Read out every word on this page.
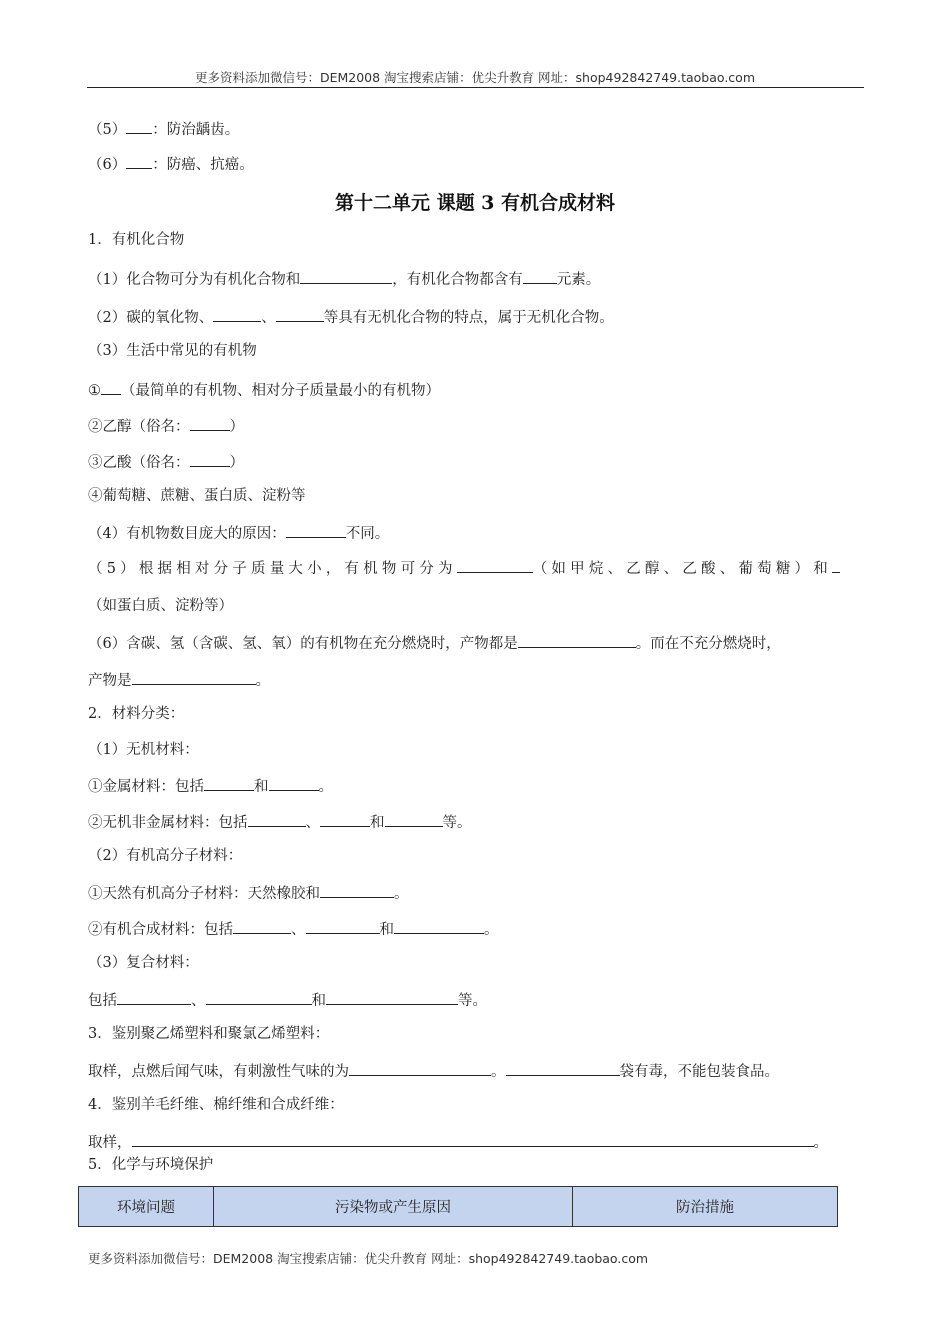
更多资料添加微信号：DEM2008 淘宝搜索店铺：优尖升教育 网址：shop492842749.taobao.com
（5） ：防治龋齿。
（6） ：防癌、抗癌。
第十二单元 课题 3 有机合成材料
1．有机化合物
（1）化合物可分为有机化合物和	，有机化合物都含有 元素。
（2）碳的氧化物、	、	等具有无机化合物的特点，属于无机化合物。
（3）生活中常见的有机物
① （最简单的有机物、相对分子质量最小的有机物）
②乙醇（俗名：	）
③乙酸（俗名：	）
④葡萄糖、蔗糖、蛋白质、淀粉等
（4）有机物数目庞大的原因：	不同。
（5）根据相对分子质量大小，有机物可分为	（如甲烷、乙醇、乙酸、葡萄糖）和
（如蛋白质、淀粉等）
（6）含碳、氢（含碳、氢、氧）的有机物在充分燃烧时，产物都是	。而在不充分燃烧时，
产物是	。
2．材料分类：
（1）无机材料：
①金属材料：包括	和	。
②无机非金属材料：包括	、	和	等。
（2）有机高分子材料：
①天然有机高分子材料：天然橡胶和	。
②有机合成材料：包括	、	和	。
（3）复合材料：
包括	、	和	等。
3．鉴别聚乙烯塑料和聚氯乙烯塑料：
取样，点燃后闻气味，有刺激性气味的为	。	袋有毒，不能包装食品。
4．鉴别羊毛纤维、棉纤维和合成纤维：
取样，	。
5．化学与环境保护
环境问题	污染物或产生原因	防治措施
更多资料添加微信号：DEM2008 淘宝搜索店铺：优尖升教育 网址：shop492842749.taobao.com
